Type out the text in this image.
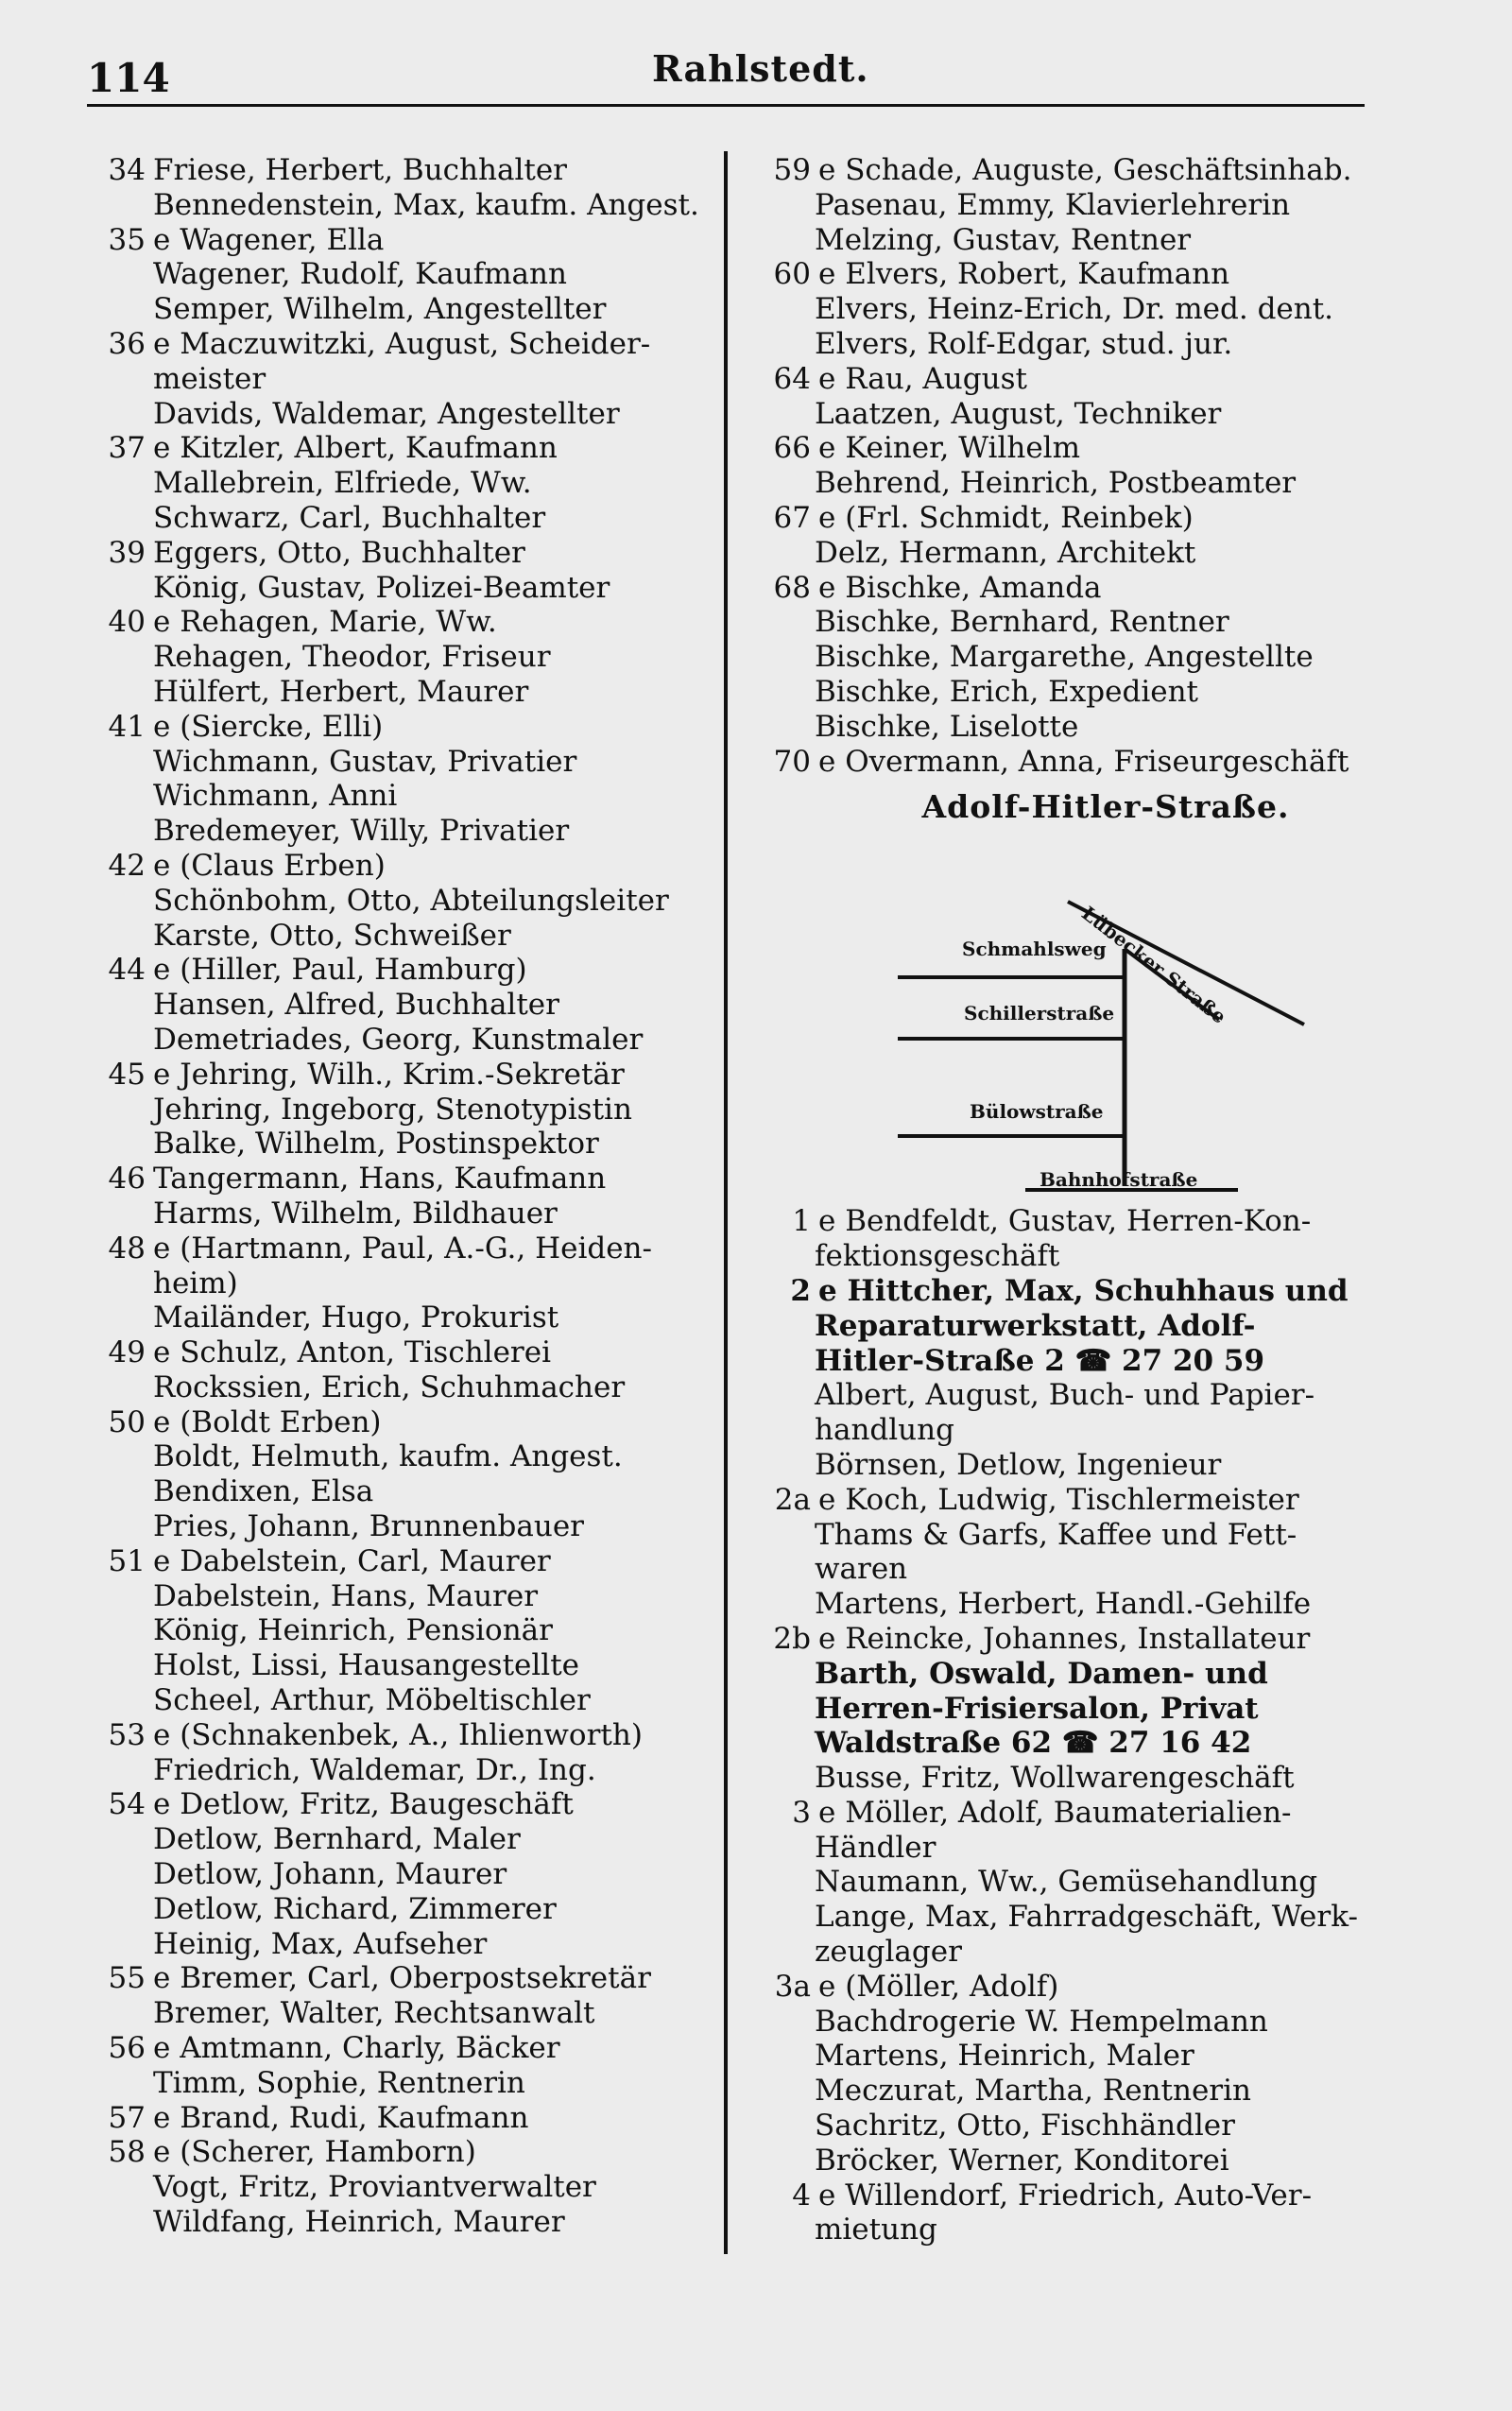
114	Rahlstedt.
34 Friese, Herbert, Buchhalter
Bennedenstein, Max, kaufm. Angest.
35 e Wagener, Ella
Wagener, Rudolf, Kaufmann
Semper, Wilhelm, Angestellter
36 e Maczuwitzki, August, Scheider-
meister
Davids, Waldemar, Angestellter
37 e Kitzler, Albert, Kaufmann
Mallebrein, Elfriede, Ww.
Schwarz, Carl, Buchhalter
39 Eggers, Otto, Buchhalter
König, Gustav, Polizei-Beamter
40 e Rehagen, Marie, Ww.
Rehagen, Theodor, Friseur
Hülfert, Herbert, Maurer
41 e (Siercke, Elli)
Wichmann, Gustav, Privatier
Wichmann, Anni
Bredemeyer, Willy, Privatier
42 e (Claus Erben)
Schönbohm, Otto, Abteilungsleiter
Karste, Otto, Schweißer
44 e (Hiller, Paul, Hamburg)
Hansen, Alfred, Buchhalter
Demetriades, Georg, Kunstmaler
45 e Jehring, Wilh., Krim.-Sekretär
Jehring, Ingeborg, Stenotypistin
Balke, Wilhelm, Postinspektor
46 Tangermann, Hans, Kaufmann
Harms, Wilhelm, Bildhauer
48 e (Hartmann, Paul, A.-G., Heiden-
heim)
Mailänder, Hugo, Prokurist
49 e Schulz, Anton, Tischlerei
Rockssien, Erich, Schuhmacher
50 e (Boldt Erben)
Boldt, Helmuth, kaufm. Angest.
Bendixen, Elsa
Pries, Johann, Brunnenbauer
51 e Dabelstein, Carl, Maurer
Dabelstein, Hans, Maurer
König, Heinrich, Pensionär
Holst, Lissi, Hausangestellte
Scheel, Arthur, Möbeltischler
53 e (Schnakenbek, A., Ihlienworth)
Friedrich, Waldemar, Dr., Ing.
54 e Detlow, Fritz, Baugeschäft
Detlow, Bernhard, Maler
Detlow, Johann, Maurer
Detlow, Richard, Zimmerer
Heinig, Max, Aufseher
55 e Bremer, Carl, Oberpostsekretär
Bremer, Walter, Rechtsanwalt
56 e Amtmann, Charly, Bäcker
Timm, Sophie, Rentnerin
57 e Brand, Rudi, Kaufmann
58 e (Scherer, Hamborn)
Vogt, Fritz, Proviantverwalter
Wildfang, Heinrich, Maurer
59 e Schade, Auguste, Geschäftsinhab.
Pasenau, Emmy, Klavierlehrerin
Melzing, Gustav, Rentner
60 e Elvers, Robert, Kaufmann
Elvers, Heinz-Erich, Dr. med. dent.
Elvers, Rolf-Edgar, stud. jur.
64 e Rau, August
Laatzen, August, Techniker
66 e Keiner, Wilhelm
Behrend, Heinrich, Postbeamter
67 e (Frl. Schmidt, Reinbek)
Delz, Hermann, Architekt
68 e Bischke, Amanda
Bischke, Bernhard, Rentner
Bischke, Margarethe, Angestellte
Bischke, Erich, Expedient
Bischke, Liselotte
70 e Overmann, Anna, Friseurgeschäft
Adolf-Hitler-Straße.
Schmahlsweg
Schillerstraße
Bülowstraße
Bahnhofstraße
Lübecker Straße
1 e Bendfeldt, Gustav, Herren-Kon-
fektionsgeschäft
2 e Hittcher, Max, Schuhhaus und
Reparaturwerkstatt, Adolf-
Hitler-Straße 2 ☎ 27 20 59
Albert, August, Buch- und Papier-
handlung
Börnsen, Detlow, Ingenieur
2a e Koch, Ludwig, Tischlermeister
Thams & Garfs, Kaffee und Fett-
waren
Martens, Herbert, Handl.-Gehilfe
2b e Reincke, Johannes, Installateur
Barth, Oswald, Damen- und
Herren-Frisiersalon, Privat
Waldstraße 62 ☎ 27 16 42
Busse, Fritz, Wollwarengeschäft
3 e Möller, Adolf, Baumaterialien-
Händler
Naumann, Ww., Gemüsehandlung
Lange, Max, Fahrradgeschäft, Werk-
zeuglager
3a e (Möller, Adolf)
Bachdrogerie W. Hempelmann
Martens, Heinrich, Maler
Meczurat, Martha, Rentnerin
Sachritz, Otto, Fischhändler
Bröcker, Werner, Konditorei
4 e Willendorf, Friedrich, Auto-Ver-
mietung
